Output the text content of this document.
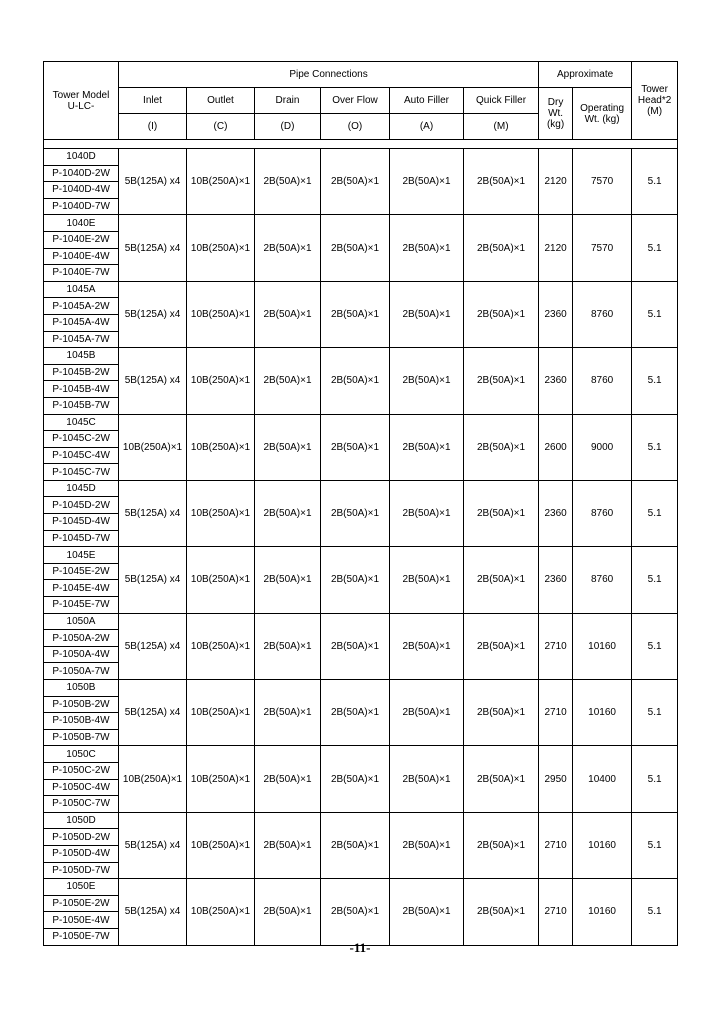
Tower Model
U-LC-	Pipe Connections						Approximate		Tower Head*2 (M)
	Inlet	Outlet	Drain	Over Flow	Auto Filler	Quick Filler	Dry Wt. (kg)	Operating Wt. (kg)	
	(I)	(C)	(D)	(O)	(A)	(M)			

1040D	5B(125A) x4	10B(250A)×1	2B(50A)×1	2B(50A)×1	2B(50A)×1	2B(50A)×1	2120	7570	5.1
P-1040D-2W									
P-1040D-4W									
P-1040D-7W									
1040E	5B(125A) x4	10B(250A)×1	2B(50A)×1	2B(50A)×1	2B(50A)×1	2B(50A)×1	2120	7570	5.1
P-1040E-2W									
P-1040E-4W									
P-1040E-7W									
1045A	5B(125A) x4	10B(250A)×1	2B(50A)×1	2B(50A)×1	2B(50A)×1	2B(50A)×1	2360	8760	5.1
P-1045A-2W									
P-1045A-4W									
P-1045A-7W									
1045B	5B(125A) x4	10B(250A)×1	2B(50A)×1	2B(50A)×1	2B(50A)×1	2B(50A)×1	2360	8760	5.1
P-1045B-2W									
P-1045B-4W									
P-1045B-7W									
1045C	10B(250A)×1	10B(250A)×1	2B(50A)×1	2B(50A)×1	2B(50A)×1	2B(50A)×1	2600	9000	5.1
P-1045C-2W									
P-1045C-4W									
P-1045C-7W									
1045D	5B(125A) x4	10B(250A)×1	2B(50A)×1	2B(50A)×1	2B(50A)×1	2B(50A)×1	2360	8760	5.1
P-1045D-2W									
P-1045D-4W									
P-1045D-7W									
1045E	5B(125A) x4	10B(250A)×1	2B(50A)×1	2B(50A)×1	2B(50A)×1	2B(50A)×1	2360	8760	5.1
P-1045E-2W									
P-1045E-4W									
P-1045E-7W									
1050A	5B(125A) x4	10B(250A)×1	2B(50A)×1	2B(50A)×1	2B(50A)×1	2B(50A)×1	2710	10160	5.1
P-1050A-2W									
P-1050A-4W									
P-1050A-7W									
1050B	5B(125A) x4	10B(250A)×1	2B(50A)×1	2B(50A)×1	2B(50A)×1	2B(50A)×1	2710	10160	5.1
P-1050B-2W									
P-1050B-4W									
P-1050B-7W									
1050C	10B(250A)×1	10B(250A)×1	2B(50A)×1	2B(50A)×1	2B(50A)×1	2B(50A)×1	2950	10400	5.1
P-1050C-2W									
P-1050C-4W									
P-1050C-7W									
1050D	5B(125A) x4	10B(250A)×1	2B(50A)×1	2B(50A)×1	2B(50A)×1	2B(50A)×1	2710	10160	5.1
P-1050D-2W									
P-1050D-4W									
P-1050D-7W									
1050E	5B(125A) x4	10B(250A)×1	2B(50A)×1	2B(50A)×1	2B(50A)×1	2B(50A)×1	2710	10160	5.1
P-1050E-2W									
P-1050E-4W									
P-1050E-7W									
-11-
